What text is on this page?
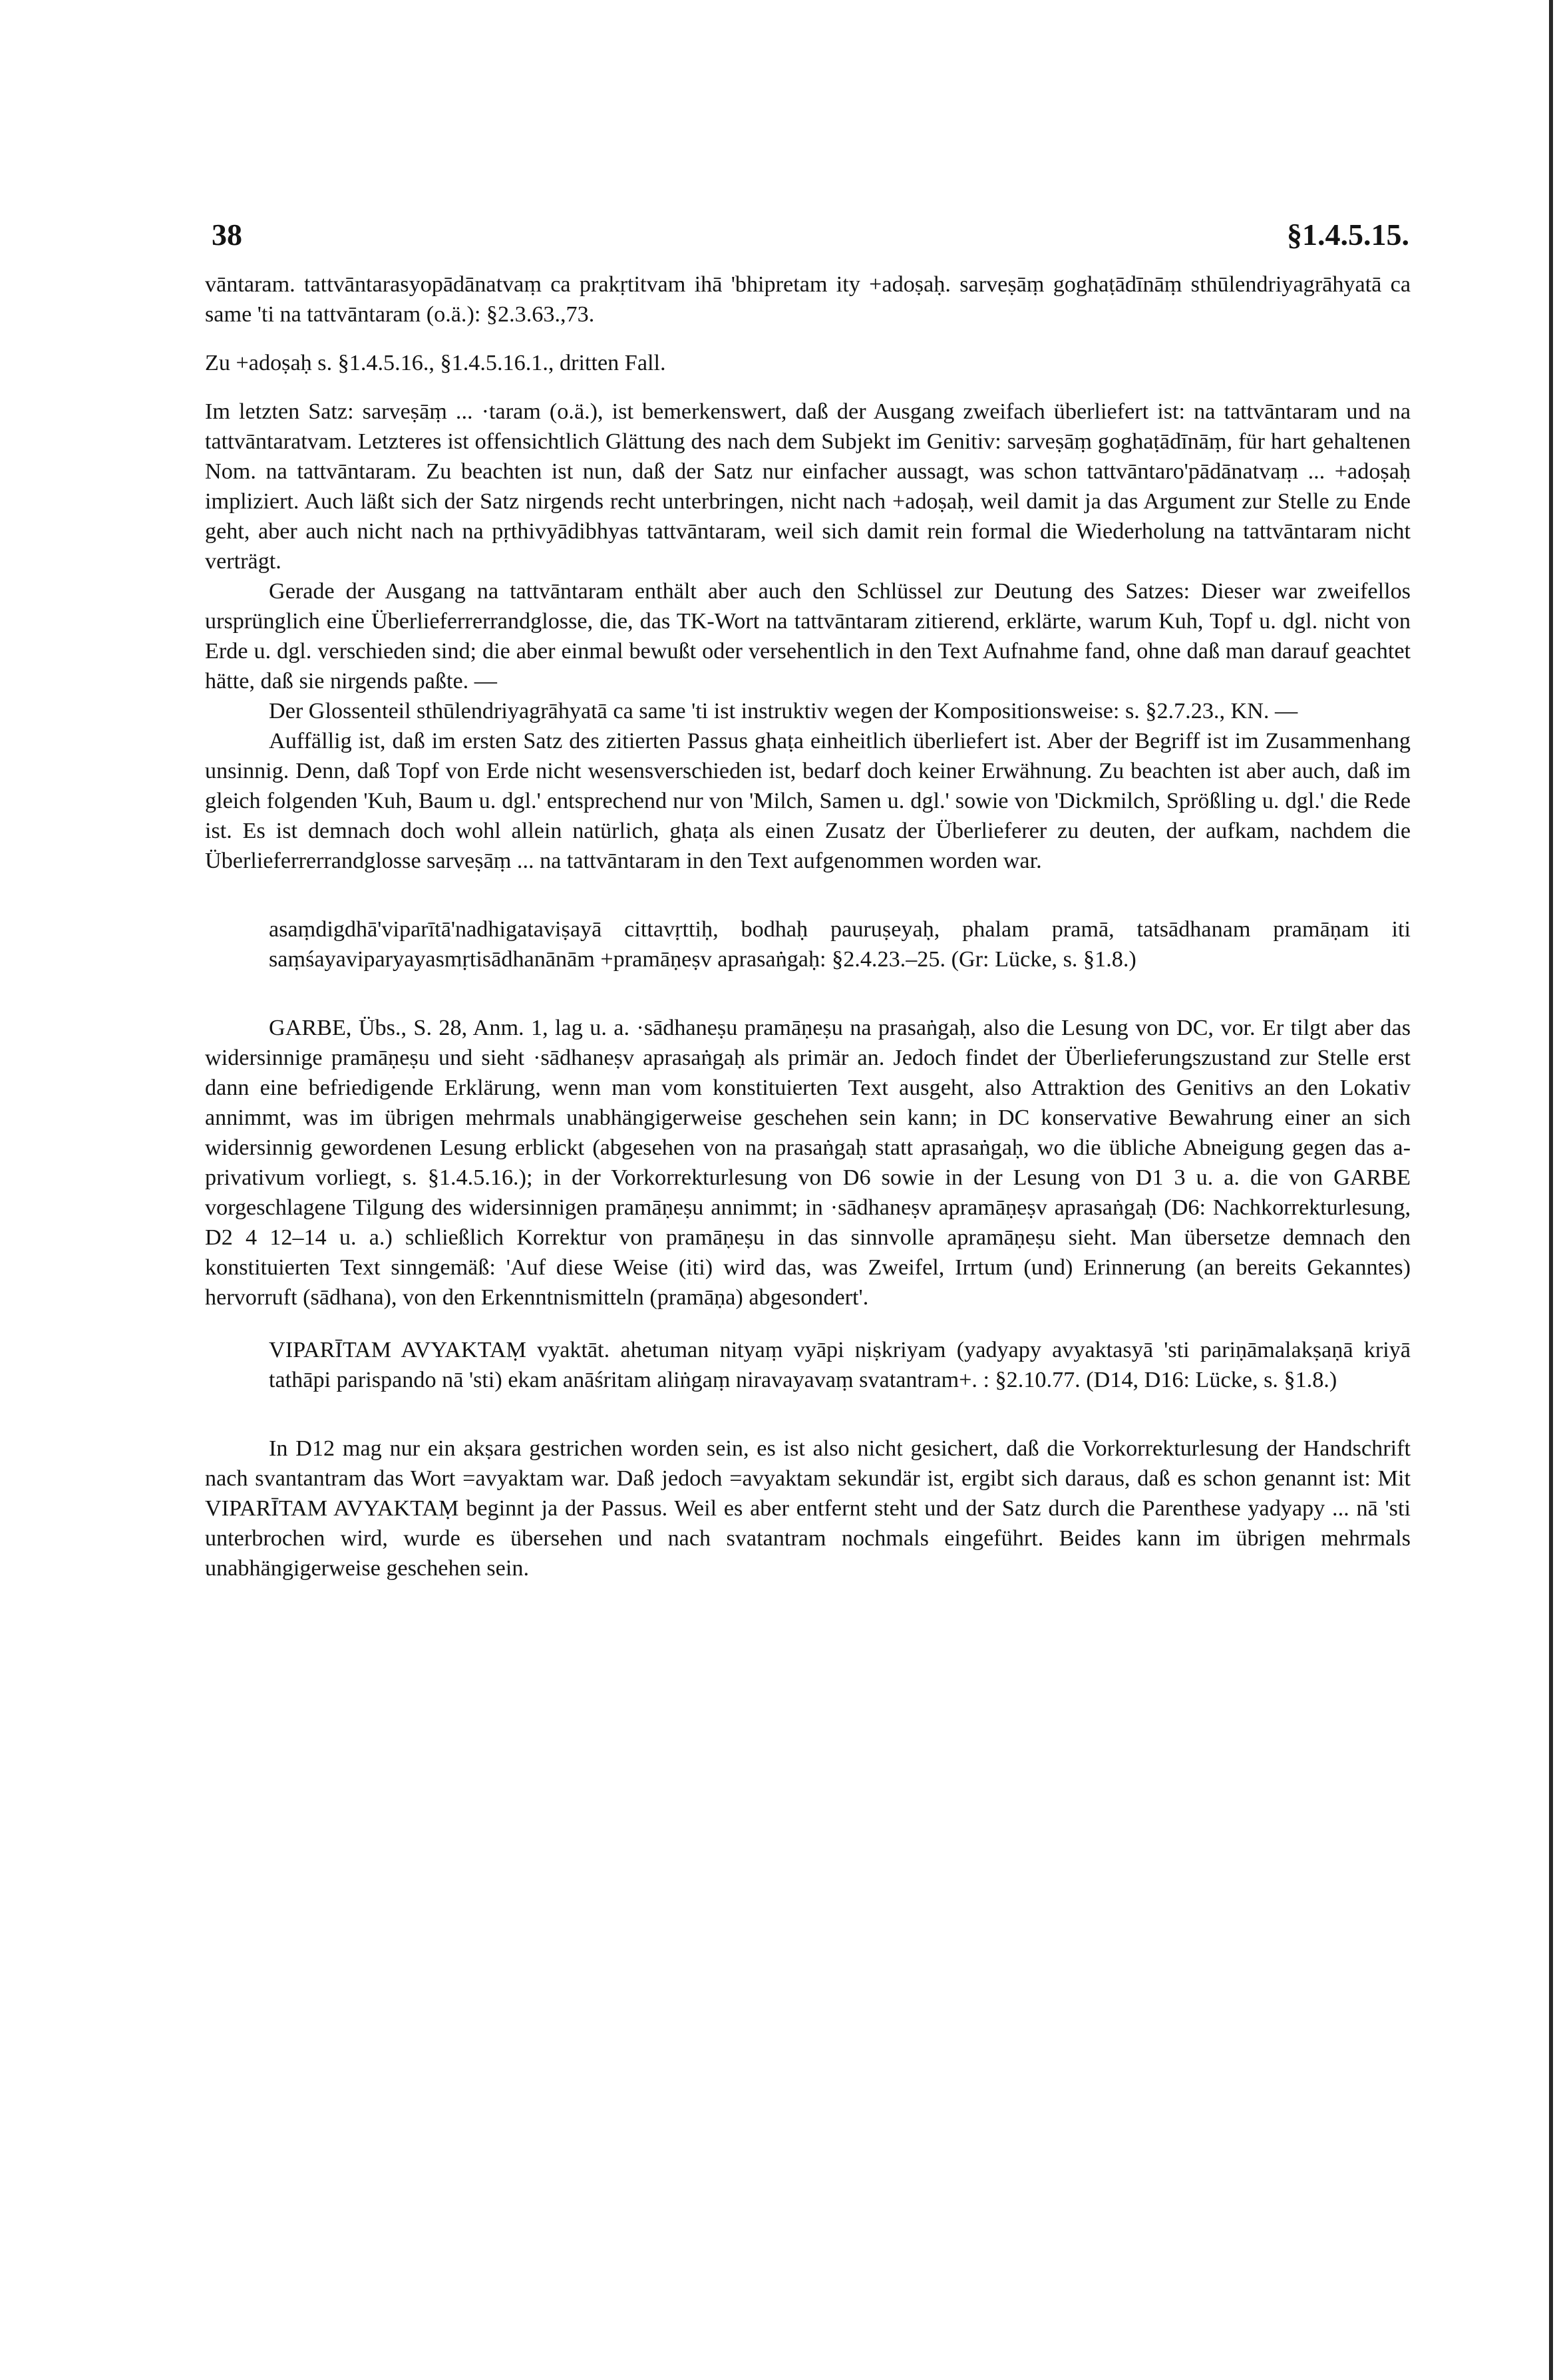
38	§1.4.5.15.

vāntaram. tattvāntarasyopādānatvaṃ ca prakṛtitvam ihā 'bhipretam ity +adoṣaḥ. sarveṣāṃ goghaṭādīnāṃ sthūlendriyagrāhyatā ca same 'ti na tattvāntaram (o.ä.): §2.3.63.,73.

Zu +adoṣaḥ s. §1.4.5.16., §1.4.5.16.1., dritten Fall.

Im letzten Satz: sarveṣāṃ ... ·taram (o.ä.), ist bemerkenswert, daß der Ausgang zweifach überliefert ist: na tattvāntaram und na tattvāntaratvam. Letzteres ist offensichtlich Glättung des nach dem Subjekt im Genitiv: sarveṣāṃ goghaṭādīnāṃ, für hart gehaltenen Nom. na tattvāntaram. Zu beachten ist nun, daß der Satz nur einfacher aussagt, was schon tattvāntaro'pādānatvaṃ ... +adoṣaḥ impliziert. Auch läßt sich der Satz nirgends recht unterbringen, nicht nach +adoṣaḥ, weil damit ja das Argument zur Stelle zu Ende geht, aber auch nicht nach na pṛthivyādibhyas tattvāntaram, weil sich damit rein formal die Wiederholung na tattvāntaram nicht verträgt.

Gerade der Ausgang na tattvāntaram enthält aber auch den Schlüssel zur Deutung des Satzes: Dieser war zweifellos ursprünglich eine Überlieferrerrandglosse, die, das TK-Wort na tattvāntaram zitierend, erklärte, warum Kuh, Topf u. dgl. nicht von Erde u. dgl. verschieden sind; die aber einmal bewußt oder versehentlich in den Text Aufnahme fand, ohne daß man darauf geachtet hätte, daß sie nirgends paßte. —

Der Glossenteil sthūlendriyagrāhyatā ca same 'ti ist instruktiv wegen der Kompositionsweise: s. §2.7.23., KN. —

Auffällig ist, daß im ersten Satz des zitierten Passus ghaṭa einheitlich überliefert ist. Aber der Begriff ist im Zusammenhang unsinnig. Denn, daß Topf von Erde nicht wesensverschieden ist, bedarf doch keiner Erwähnung. Zu beachten ist aber auch, daß im gleich folgenden 'Kuh, Baum u. dgl.' entsprechend nur von 'Milch, Samen u. dgl.' sowie von 'Dickmilch, Sprößling u. dgl.' die Rede ist. Es ist demnach doch wohl allein natürlich, ghaṭa als einen Zusatz der Überlieferer zu deuten, der aufkam, nachdem die Überlieferrerrandglosse sarveṣāṃ ... na tattvāntaram in den Text aufgenommen worden war.

asaṃdigdhā'viparītā'nadhigataviṣayā cittavṛttiḥ, bodhaḥ pauruṣeyaḥ, phalam pramā, tatsādhanam pramāṇam iti saṃśayaviparyayasmṛtisādhanānām +pramāṇeṣv aprasaṅgaḥ: §2.4.23.–25. (Gr: Lücke, s. §1.8.)

GARBE, Übs., S. 28, Anm. 1, lag u. a. ·sādhaneṣu pramāṇeṣu na prasaṅgaḥ, also die Lesung von DC, vor. Er tilgt aber das widersinnige pramāṇeṣu und sieht ·sādhaneṣv aprasaṅgaḥ als primär an. Jedoch findet der Überlieferungszustand zur Stelle erst dann eine befriedigende Erklärung, wenn man vom konstituierten Text ausgeht, also Attraktion des Genitivs an den Lokativ annimmt, was im übrigen mehrmals unabhängigerweise geschehen sein kann; in DC konservative Bewahrung einer an sich widersinnig gewordenen Lesung erblickt (abgesehen von na prasaṅgaḥ statt aprasaṅgaḥ, wo die übliche Abneigung gegen das a-privativum vorliegt, s. §1.4.5.16.); in der Vorkorrekturlesung von D6 sowie in der Lesung von D1 3 u. a. die von GARBE vorgeschlagene Tilgung des widersinnigen pramāṇeṣu annimmt; in ·sādhaneṣv apramāṇeṣv aprasaṅgaḥ (D6: Nachkorrekturlesung, D2 4 12–14 u. a.) schließlich Korrektur von pramāṇeṣu in das sinnvolle apramāṇeṣu sieht. Man übersetze demnach den konstituierten Text sinngemäß: 'Auf diese Weise (iti) wird das, was Zweifel, Irrtum (und) Erinnerung (an bereits Gekanntes) hervorruft (sādhana), von den Erkenntnismitteln (pramāṇa) abgesondert'.

VIPARĪTAM AVYAKTAṂ vyaktāt. ahetuman nityaṃ vyāpi niṣkriyam (yadyapy avyaktasyā 'sti pariṇāmalakṣaṇā kriyā tathāpi parispando nā 'sti) ekam anāśritam aliṅgaṃ niravayavaṃ svatantram+. : §2.10.77. (D14, D16: Lücke, s. §1.8.)

In D12 mag nur ein akṣara gestrichen worden sein, es ist also nicht gesichert, daß die Vorkorrekturlesung der Handschrift nach svantantram das Wort =avyaktam war. Daß jedoch =avyaktam sekundär ist, ergibt sich daraus, daß es schon genannt ist: Mit VIPARĪTAM AVYAKTAṂ beginnt ja der Passus. Weil es aber entfernt steht und der Satz durch die Parenthese yadyapy ... nā 'sti unterbrochen wird, wurde es übersehen und nach svatantram nochmals eingeführt. Beides kann im übrigen mehrmals unabhängigerweise geschehen sein.
